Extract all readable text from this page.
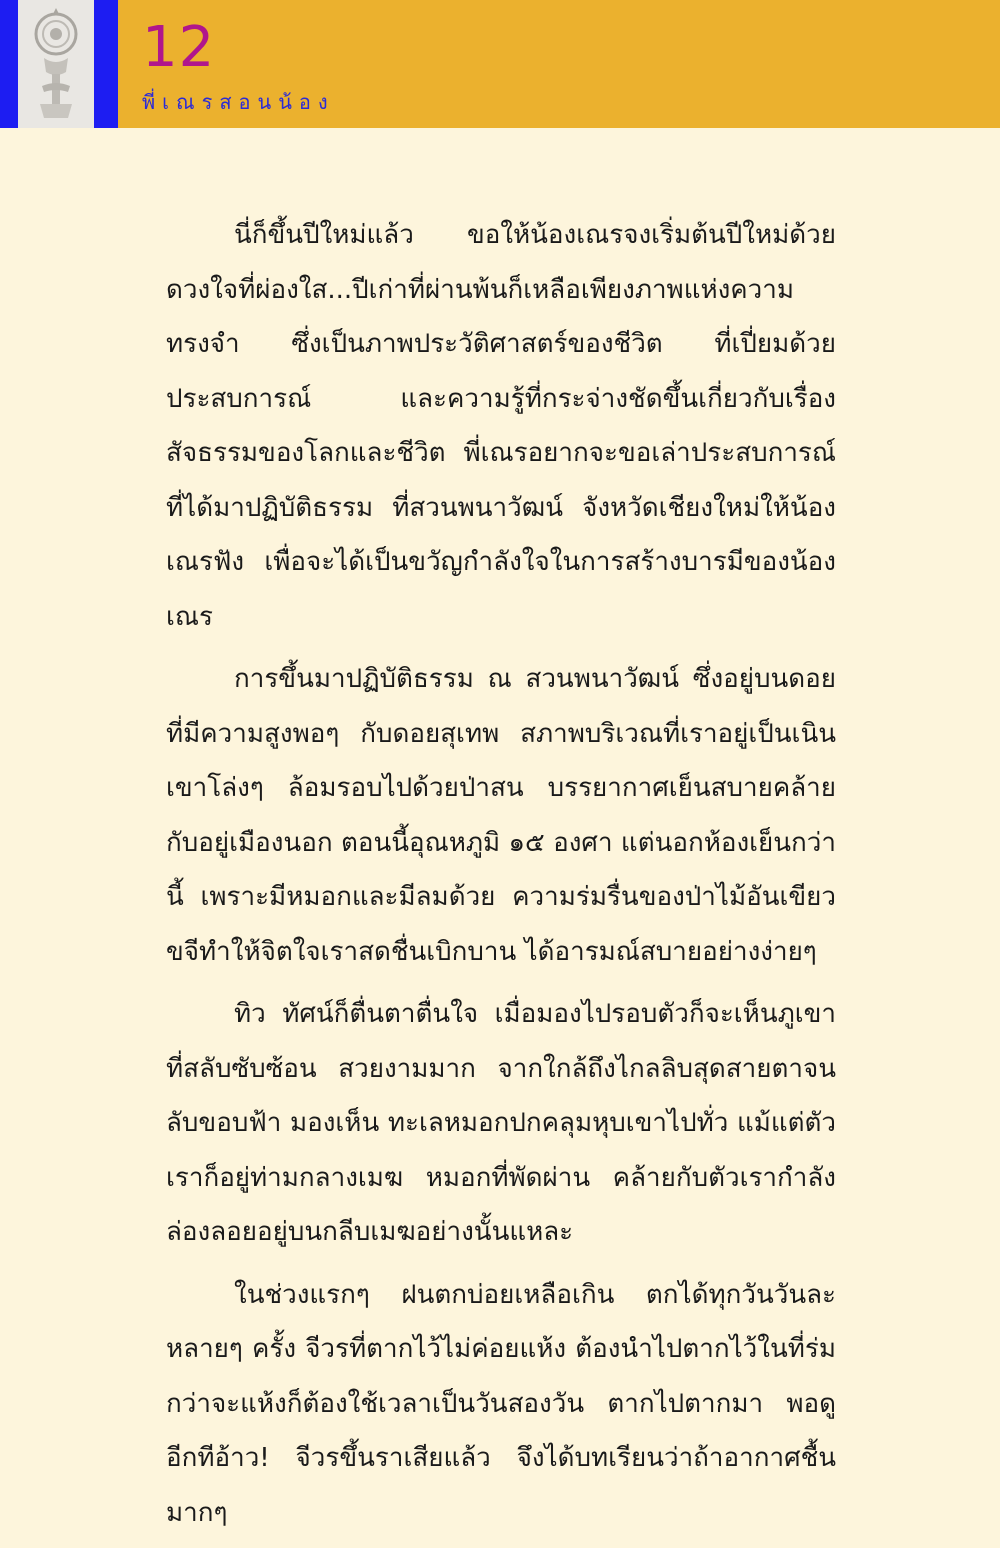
12
พี่เณรสอนน้อง

นี่ก็ขึ้นปีใหม่แล้ว ขอให้น้องเณรจงเริ่มต้นปีใหม่ด้วยดวงใจที่ผ่องใส...ปีเก่าที่ผ่านพ้นก็เหลือเพียงภาพแห่งความทรงจำ ซึ่งเป็นภาพประวัติศาสตร์ของชีวิต ที่เปี่ยมด้วยประสบการณ์ และความรู้ที่กระจ่างชัดขึ้นเกี่ยวกับเรื่องสัจธรรมของโลกและชีวิต พี่เณรอยากจะขอเล่าประสบการณ์ที่ได้มาปฏิบัติธรรม ที่สวนพนาวัฒน์ จังหวัดเชียงใหม่ให้น้องเณรฟัง เพื่อจะได้เป็นขวัญกำลังใจในการสร้างบารมีของน้องเณร

การขึ้นมาปฏิบัติธรรม ณ สวนพนาวัฒน์ ซึ่งอยู่บนดอยที่มีความสูงพอๆ กับดอยสุเทพ สภาพบริเวณที่เราอยู่เป็นเนินเขาโล่งๆ ล้อมรอบไปด้วยป่าสน บรรยากาศเย็นสบายคล้ายกับอยู่เมืองนอก ตอนนี้อุณหภูมิ ๑๕ องศา แต่นอกห้องเย็นกว่านี้ เพราะมีหมอกและมีลมด้วย ความร่มรื่นของป่าไม้อันเขียวขจีทำให้จิตใจเราสดชื่นเบิกบาน ได้อารมณ์สบายอย่างง่ายๆ

ทิว ทัศน์ก็ตื่นตาตื่นใจ เมื่อมองไปรอบตัวก็จะเห็นภูเขาที่สลับซับซ้อน สวยงามมาก จากใกล้ถึงไกลลิบสุดสายตาจนลับขอบฟ้า มองเห็น ทะเลหมอกปกคลุมหุบเขาไปทั่ว แม้แต่ตัวเราก็อยู่ท่ามกลางเมฆ หมอกที่พัดผ่าน คล้ายกับตัวเรากำลังล่องลอยอยู่บนกลีบเมฆอย่างนั้นแหละ

ในช่วงแรกๆ ฝนตกบ่อยเหลือเกิน ตกได้ทุกวันวันละหลายๆ ครั้ง จีวรที่ตากไว้ไม่ค่อยแห้ง ต้องนำไปตากไว้ในที่ร่มกว่าจะแห้งก็ต้องใช้เวลาเป็นวันสองวัน ตากไปตากมา พอดูอีกทีอ้าว! จีวรขึ้นราเสียแล้ว จึงได้บทเรียนว่าถ้าอากาศชื้นมากๆ
